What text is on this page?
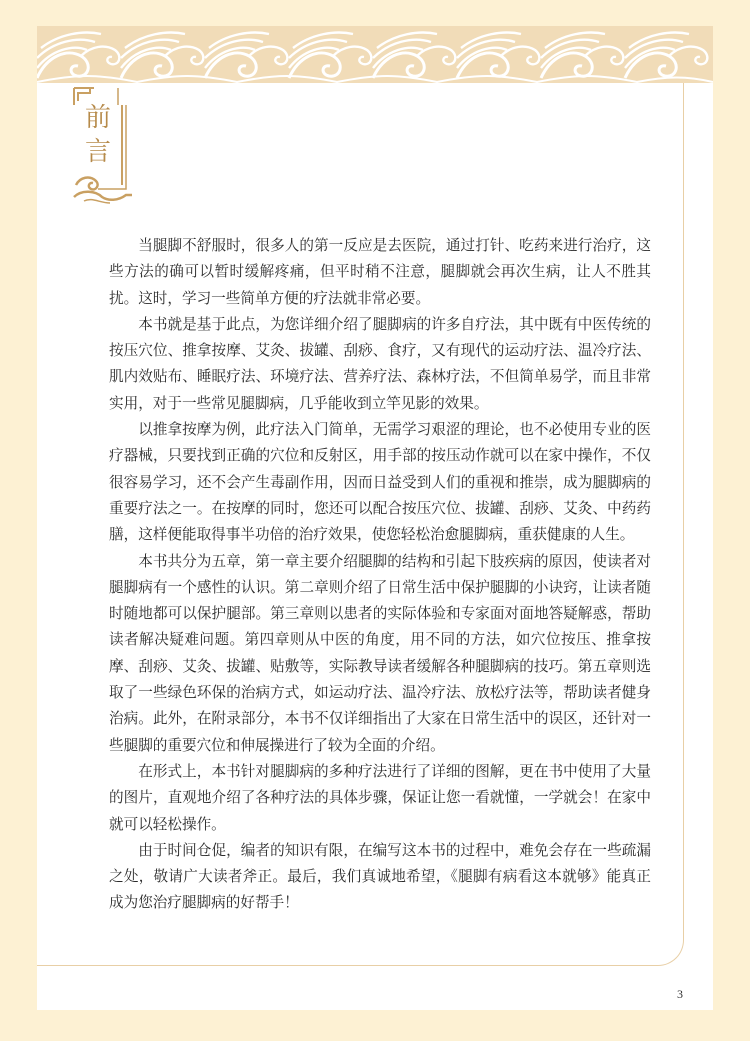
前
言

当腿脚不舒服时，很多人的第一反应是去医院，通过打针、吃药来进行治疗，这些方法的确可以暂时缓解疼痛，但平时稍不注意，腿脚就会再次生病，让人不胜其扰。这时，学习一些简单方便的疗法就非常必要。

本书就是基于此点，为您详细介绍了腿脚病的许多自疗法，其中既有中医传统的按压穴位、推拿按摩、艾灸、拔罐、刮痧、食疗，又有现代的运动疗法、温冷疗法、肌内效贴布、睡眠疗法、环境疗法、营养疗法、森林疗法，不但简单易学，而且非常实用，对于一些常见腿脚病，几乎能收到立竿见影的效果。

以推拿按摩为例，此疗法入门简单，无需学习艰涩的理论，也不必使用专业的医疗器械，只要找到正确的穴位和反射区，用手部的按压动作就可以在家中操作，不仅很容易学习，还不会产生毒副作用，因而日益受到人们的重视和推崇，成为腿脚病的重要疗法之一。在按摩的同时，您还可以配合按压穴位、拔罐、刮痧、艾灸、中药药膳，这样便能取得事半功倍的治疗效果，使您轻松治愈腿脚病，重获健康的人生。

本书共分为五章，第一章主要介绍腿脚的结构和引起下肢疾病的原因，使读者对腿脚病有一个感性的认识。第二章则介绍了日常生活中保护腿脚的小诀窍，让读者随时随地都可以保护腿部。第三章则以患者的实际体验和专家面对面地答疑解惑，帮助读者解决疑难问题。第四章则从中医的角度，用不同的方法，如穴位按压、推拿按摩、刮痧、艾灸、拔罐、贴敷等，实际教导读者缓解各种腿脚病的技巧。第五章则选取了一些绿色环保的治病方式，如运动疗法、温冷疗法、放松疗法等，帮助读者健身治病。此外，在附录部分，本书不仅详细指出了大家在日常生活中的误区，还针对一些腿脚的重要穴位和伸展操进行了较为全面的介绍。

在形式上，本书针对腿脚病的多种疗法进行了详细的图解，更在书中使用了大量的图片，直观地介绍了各种疗法的具体步骤，保证让您一看就懂，一学就会！在家中就可以轻松操作。

由于时间仓促，编者的知识有限，在编写这本书的过程中，难免会存在一些疏漏之处，敬请广大读者斧正。最后，我们真诚地希望，《腿脚有病看这本就够》能真正成为您治疗腿脚病的好帮手！

3
